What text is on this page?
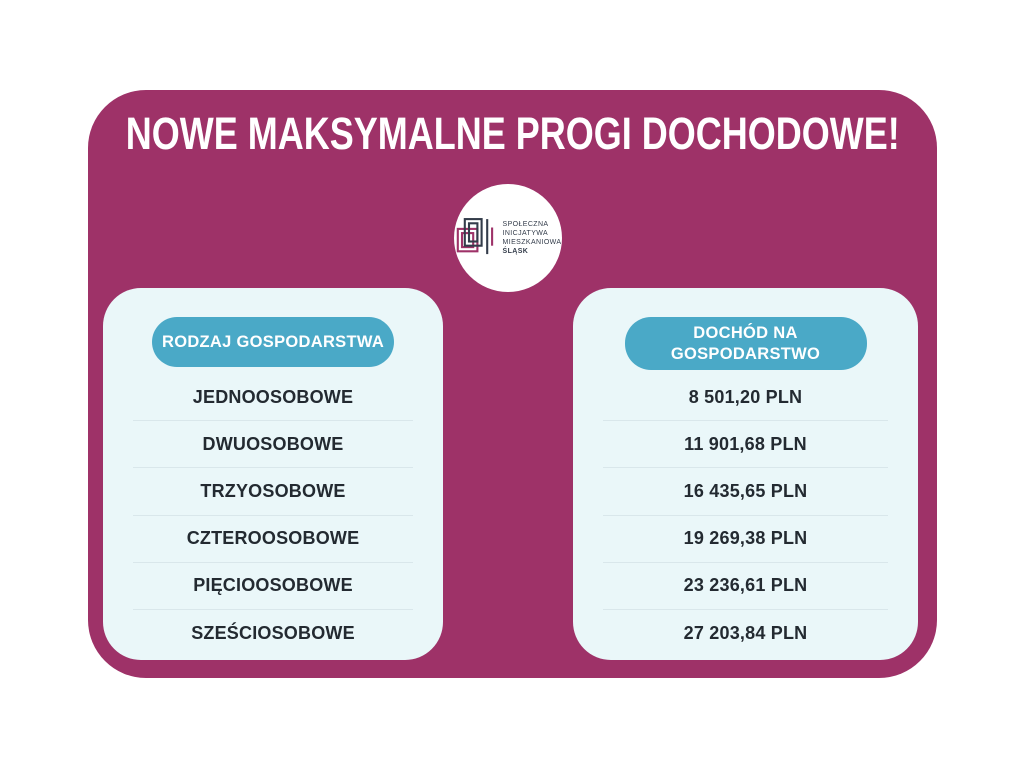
NOWE MAKSYMALNE PROGI DOCHODOWE!
SPOŁECZNA
INICJATYWA
MIESZKANIOWA
ŚLĄSK
RODZAJ GOSPODARSTWA
JEDNOOSOBOWE
DWUOSOBOWE
TRZYOSOBOWE
CZTEROOSOBOWE
PIĘCIOOSOBOWE
SZEŚCIOSOBOWE
DOCHÓD NA
GOSPODARSTWO
8 501,20 PLN
11 901,68 PLN
16 435,65 PLN
19 269,38 PLN
23 236,61 PLN
27 203,84 PLN
